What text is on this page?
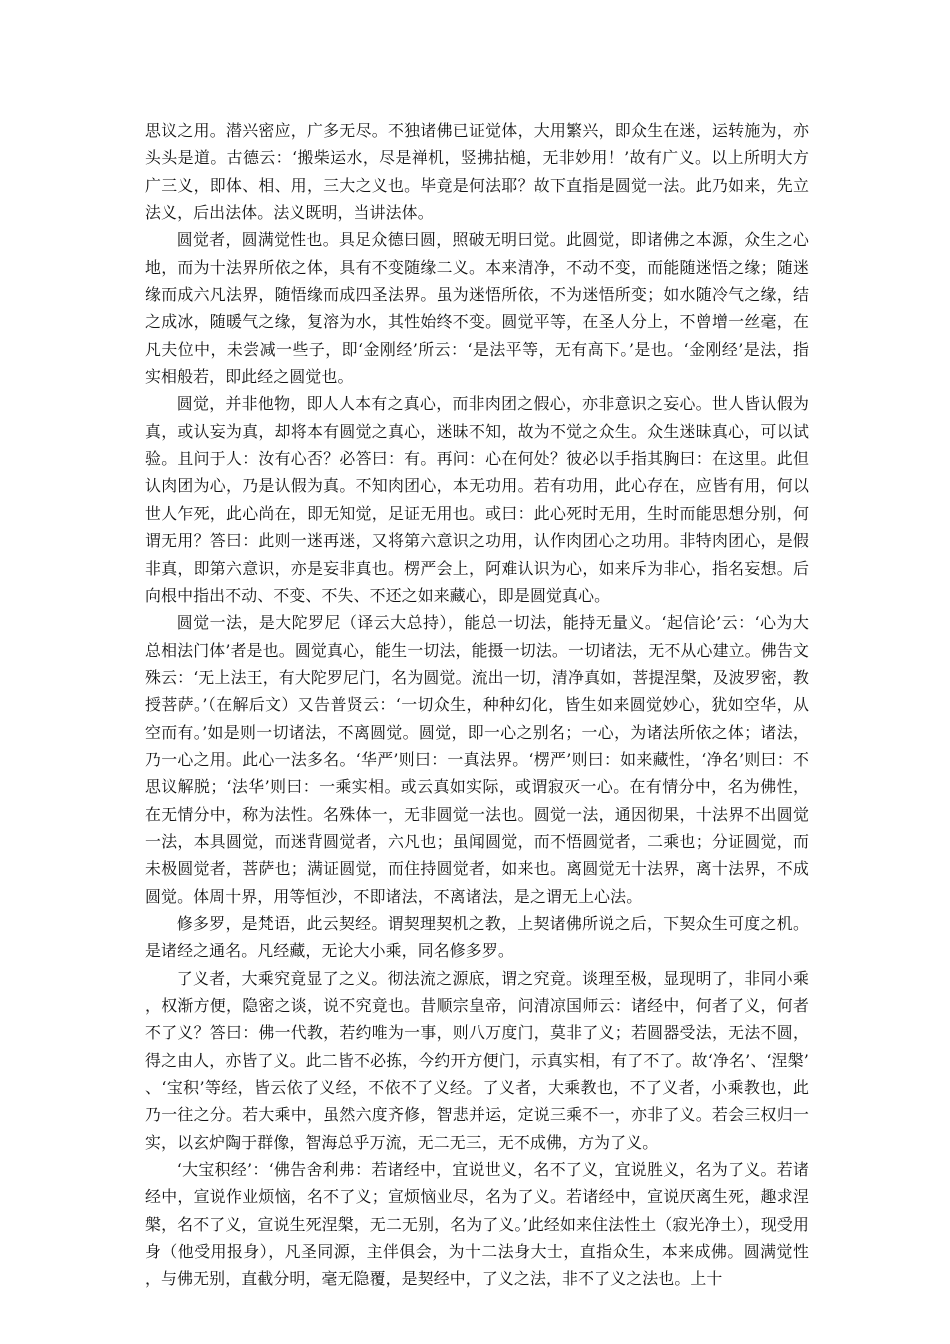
思议之用。潜兴密应，广多无尽。不独诸佛已证觉体，大用繁兴，即众生在迷，运转施为，亦头头是道。古德云：‘搬柴运水，尽是禅机，竖拂拈槌，无非妙用！’故有广义。以上所明大方广三义，即体、相、用，三大之义也。毕竟是何法耶？故下直指是圆觉一法。此乃如来，先立法义，后出法体。法义既明，当讲法体。

圆觉者，圆满觉性也。具足众德曰圆，照破无明曰觉。此圆觉，即诸佛之本源，众生之心地，而为十法界所依之体，具有不变随缘二义。本来清净，不动不变，而能随迷悟之缘；随迷缘而成六凡法界，随悟缘而成四圣法界。虽为迷悟所依，不为迷悟所变；如水随冷气之缘，结之成冰，随暖气之缘，复溶为水，其性始终不变。圆觉平等，在圣人分上，不曾增一丝毫，在凡夫位中，未尝减一些子，即‘金刚经’所云：‘是法平等，无有高下。’是也。‘金刚经’是法，指实相般若，即此经之圆觉也。

圆觉，并非他物，即人人本有之真心，而非肉团之假心，亦非意识之妄心。世人皆认假为真，或认妄为真，却将本有圆觉之真心，迷昧不知，故为不觉之众生。众生迷昧真心，可以试验。且问于人：汝有心否？必答曰：有。再问：心在何处？彼必以手指其胸曰：在这里。此但认肉团为心，乃是认假为真。不知肉团心，本无功用。若有功用，此心存在，应皆有用，何以世人乍死，此心尚在，即无知觉，足证无用也。或曰：此心死时无用，生时而能思想分别，何谓无用？答曰：此则一迷再迷，又将第六意识之功用，认作肉团心之功用。非特肉团心，是假非真，即第六意识，亦是妄非真也。楞严会上，阿难认识为心，如来斥为非心，指名妄想。后向根中指出不动、不变、不失、不还之如来藏心，即是圆觉真心。

圆觉一法，是大陀罗尼（译云大总持），能总一切法，能持无量义。‘起信论’云：‘心为大总相法门体’者是也。圆觉真心，能生一切法，能摄一切法。一切诸法，无不从心建立。佛告文殊云：‘无上法王，有大陀罗尼门，名为圆觉。流出一切，清净真如，菩提涅槃，及波罗密，教授菩萨。’（在解后文）又告普贤云：‘一切众生，种种幻化，皆生如来圆觉妙心，犹如空华，从空而有。’如是则一切诸法，不离圆觉。圆觉，即一心之别名；一心，为诸法所依之体；诸法，乃一心之用。此心一法多名。‘华严’则曰：一真法界。‘楞严’则曰：如来藏性，‘净名’则曰：不思议解脱；‘法华’则曰：一乘实相。或云真如实际，或谓寂灭一心。在有情分中，名为佛性，在无情分中，称为法性。名殊体一，无非圆觉一法也。圆觉一法，通因彻果，十法界不出圆觉一法，本具圆觉，而迷背圆觉者，六凡也；虽闻圆觉，而不悟圆觉者，二乘也；分证圆觉，而未极圆觉者，菩萨也；满证圆觉，而住持圆觉者，如来也。离圆觉无十法界，离十法界，不成圆觉。体周十界，用等恒沙，不即诸法，不离诸法，是之谓无上心法。

修多罗，是梵语，此云契经。谓契理契机之教，上契诸佛所说之后，下契众生可度之机。是诸经之通名。凡经藏，无论大小乘，同名修多罗。

了义者，大乘究竟显了之义。彻法流之源底，谓之究竟。谈理至极，显现明了，非同小乘，权渐方便，隐密之谈，说不究竟也。昔顺宗皇帝，问清凉国师云：诸经中，何者了义，何者不了义？答曰：佛一代教，若约唯为一事，则八万度门，莫非了义；若圆器受法，无法不圆，得之由人，亦皆了义。此二皆不必拣，今约开方便门，示真实相，有了不了。故‘净名’、‘涅槃’、‘宝积’等经，皆云依了义经，不依不了义经。了义者，大乘教也，不了义者，小乘教也，此乃一往之分。若大乘中，虽然六度齐修，智悲并运，定说三乘不一，亦非了义。若会三权归一实，以玄炉陶于群像，智海总乎万流，无二无三，无不成佛，方为了义。

‘大宝积经’：‘佛告舍利弗：若诸经中，宜说世义，名不了义，宜说胜义，名为了义。若诸经中，宣说作业烦恼，名不了义；宣烦恼业尽，名为了义。若诸经中，宣说厌离生死，趣求涅槃，名不了义，宣说生死涅槃，无二无别，名为了义。’此经如来住法性土（寂光净土），现受用身（他受用报身），凡圣同源，主伴俱会，为十二法身大士，直指众生，本来成佛。圆满觉性，与佛无别，直截分明，毫无隐覆，是契经中，了义之法，非不了义之法也。上十
